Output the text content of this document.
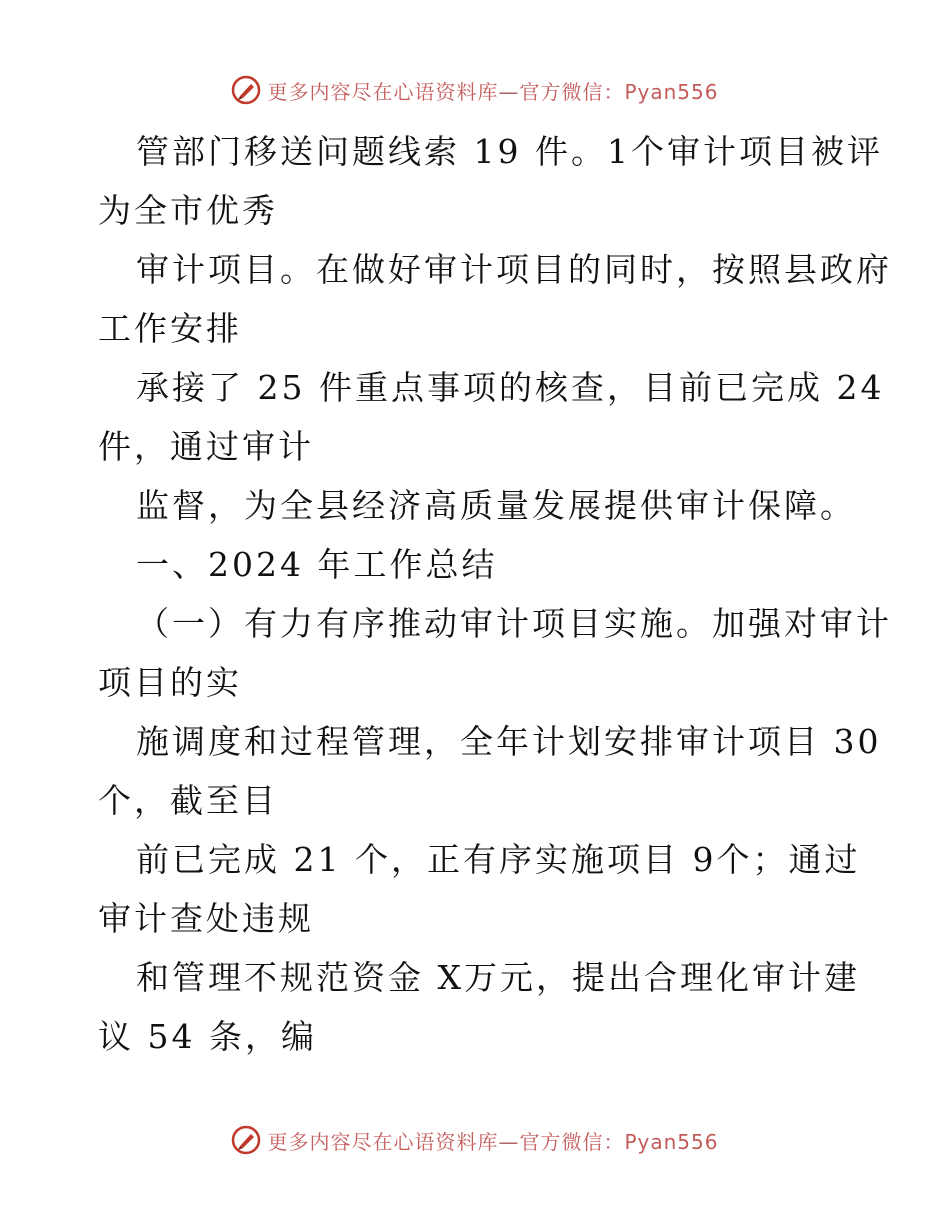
更多内容尽在心语资料库—官方微信：Pyan556
管部门移送问题线索 19 件。1个审计项目被评
为全市优秀
审计项目。在做好审计项目的同时，按照县政府
工作安排
承接了 25 件重点事项的核查，目前已完成 24
件，通过审计
监督，为全县经济高质量发展提供审计保障。
一、2024 年工作总结
（一）有力有序推动审计项目实施。加强对审计
项目的实
施调度和过程管理，全年计划安排审计项目 30
个，截至目
前已完成 21 个，正有序实施项目 9个；通过
审计查处违规
和管理不规范资金 X万元，提出合理化审计建
议 54 条，编
更多内容尽在心语资料库—官方微信：Pyan556
